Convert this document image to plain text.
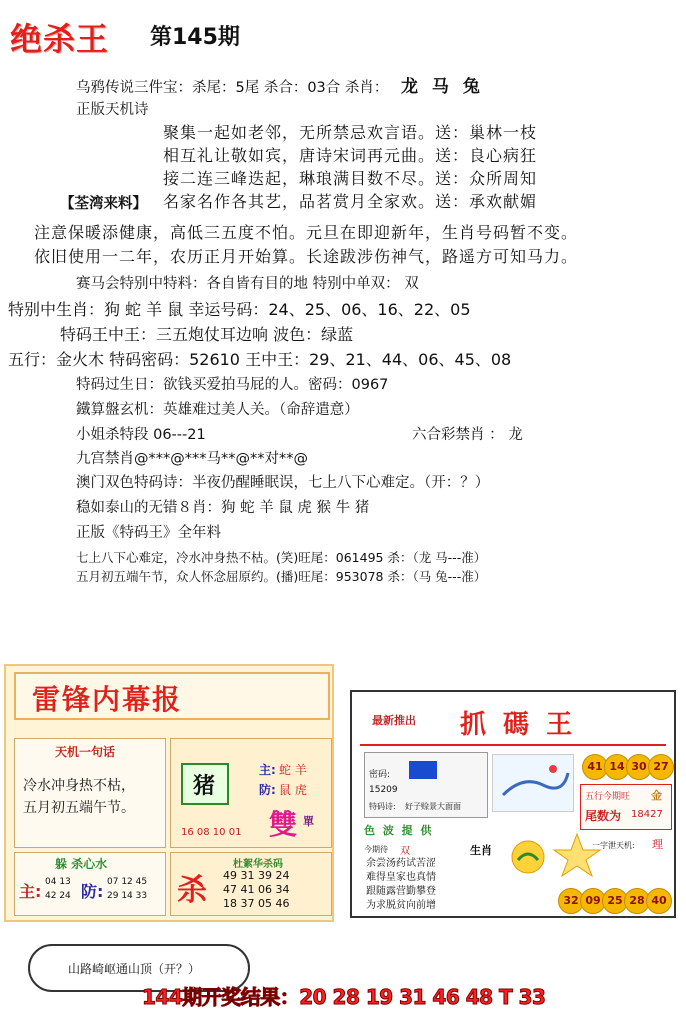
绝杀王 第145期
乌鸦传说三件宝：杀尾：5尾 杀合：03合 杀肖： 龙 马 兔
正版天机诗
聚集一起如老邻，无所禁忌欢言语。送：巢林一枝
相互礼让敬如宾，唐诗宋词再元曲。送：良心病狂
接二连三峰迭起，琳琅满目数不尽。送：众所周知
名家名作各其艺，品茗赏月全家欢。送：承欢献媚
【荃湾来料】
注意保暖添健康，高低三五度不怕。元旦在即迎新年，生肖号码暂不变。
依旧使用一二年，农历正月开始算。长途跋涉伤神气，路遥方可知马力。
赛马会特别中特料：各自皆有目的地 特别中单双： 双
特别中生肖：狗 蛇 羊 鼠 幸运号码：24、25、06、16、22、05
特码王中王：三五炮仗耳边响 波色：绿蓝
五行：金火木 特码密码：52610 王中王：29、21、44、06、45、08
特码过生日：欲钱买爱拍马屁的人。密码：0967
鐵算盤玄机：英雄难过美人关。（命辞遣意）
小姐杀特段 06---21	六合彩禁肖 ： 龙
九宫禁肖@***@***马**@**对**@
澳门双色特码诗：半夜仍醒睡眠误，七上八下心难定。（开：？）
稳如泰山的无错８肖：狗 蛇 羊 鼠 虎 猴 牛 猪
正版《特码王》全年料
七上八下心难定，冷水冲身热不枯。(笑)旺尾：061495 杀：（龙 马---准）
五月初五端午节，众人怀念屈原约。(播)旺尾：953078 杀：（马 兔---准）
雷锋内幕报
天机一句话
冷水冲身热不枯，
五月初五端午节。
猪
主: 蛇 羊
防: 鼠 虎
雙 單
16 08 10 01
躲 杀心水
主: 04 13
42 24 防: 07 12 45
29 14 33 杀
杜絮华杀码
49 31 39 24
47 41 06 34
18 37 05 46
最新推出 抓 碼 王
密码:
15209
特码诗: 好子赊景大面面
41 14 30 27
五行今期旺 金
尾数为 18427
一字泄天机: 理
色 波 提 供
今期待 双
余尝汤药试苦涩
难得皇家也真情
跟随露营勤攀登
为求脱贫向前增
生肖
32 09 25 28 40
山路崎岖通山顶（开？）
144期开奖结果：20 28 19 31 46 48 T 33
